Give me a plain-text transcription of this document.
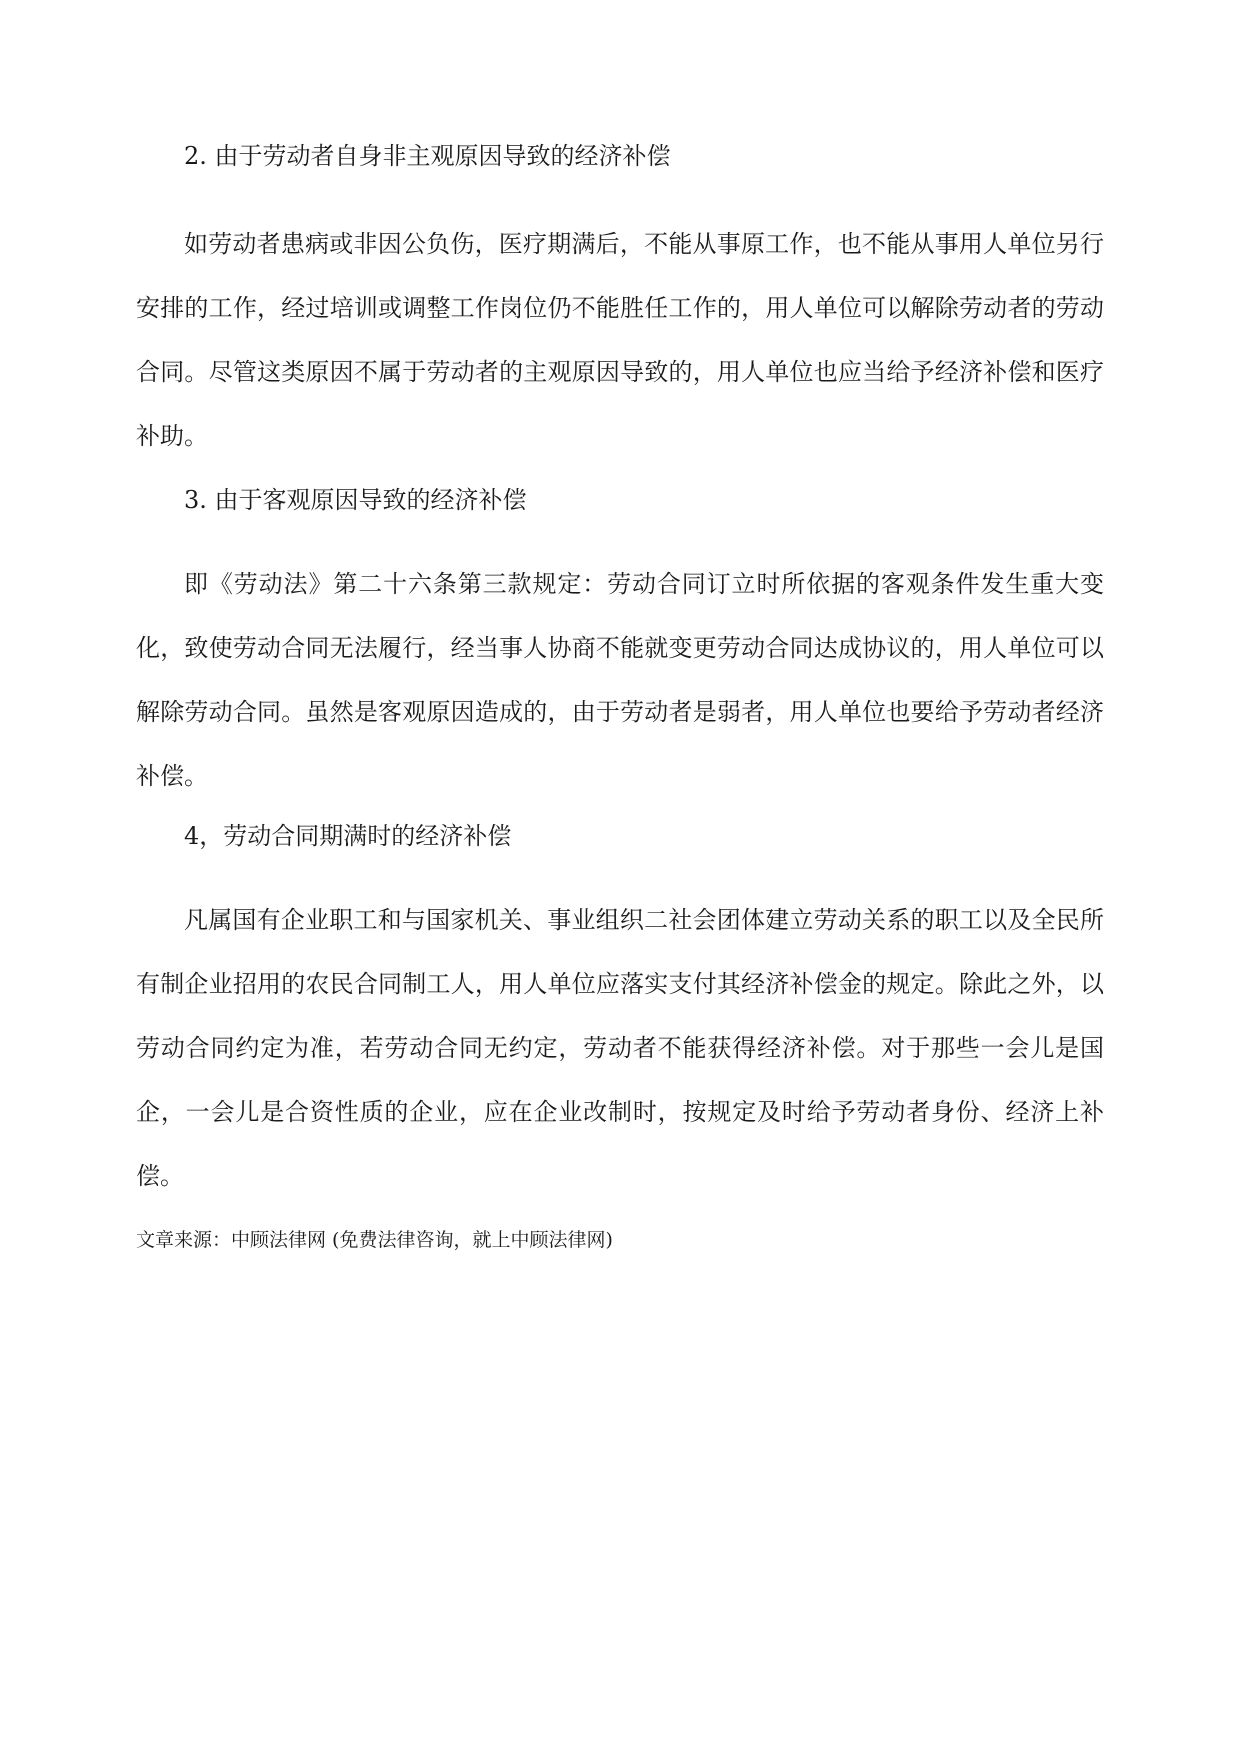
2. 由于劳动者自身非主观原因导致的经济补偿

如劳动者患病或非因公负伤，医疗期满后，不能从事原工作，也不能从事用人单位另行安排的工作，经过培训或调整工作岗位仍不能胜任工作的，用人单位可以解除劳动者的劳动合同。尽管这类原因不属于劳动者的主观原因导致的，用人单位也应当给予经济补偿和医疗补助。

3. 由于客观原因导致的经济补偿

即《劳动法》第二十六条第三款规定：劳动合同订立时所依据的客观条件发生重大变化，致使劳动合同无法履行，经当事人协商不能就变更劳动合同达成协议的，用人单位可以解除劳动合同。虽然是客观原因造成的，由于劳动者是弱者，用人单位也要给予劳动者经济补偿。

4，劳动合同期满时的经济补偿

凡属国有企业职工和与国家机关、事业组织二社会团体建立劳动关系的职工以及全民所有制企业招用的农民合同制工人，用人单位应落实支付其经济补偿金的规定。除此之外，以劳动合同约定为准，若劳动合同无约定，劳动者不能获得经济补偿。对于那些一会儿是国企，一会儿是合资性质的企业，应在企业改制时，按规定及时给予劳动者身份、经济上补偿。

文章来源：中顾法律网 (免费法律咨询，就上中顾法律网)
